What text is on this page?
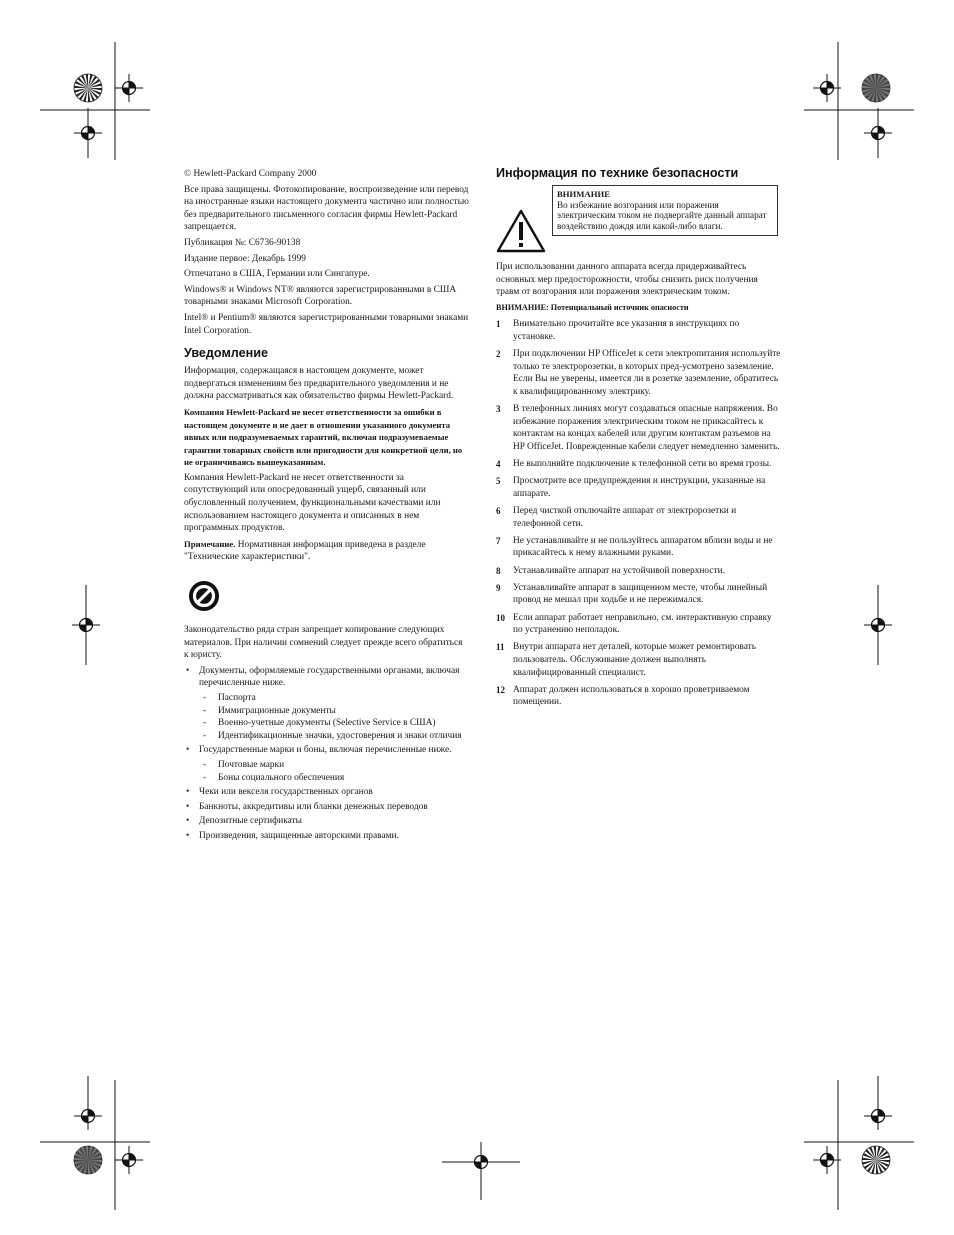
© Hewlett-Packard Company 2000

Все права защищены. Фотокопирование, воспроизведение или перевод на иностранные языки настоящего документа частично или полностью без предварительного письменного согласия фирмы Hewlett-Packard запрещается.

Публикация №: C6736-90138

Издание первое: Декабрь 1999

Отпечатано в США, Германии или Сингапуре.

Windows® и Windows NT® являются зарегистрированными в США товарными знаками Microsoft Corporation.

Intel® и Pentium® являются зарегистрированными товарными знаками Intel Corporation.

Уведомление

Информация, содержащаяся в настоящем документе, может подвергаться изменениям без предварительного уведомления и не должна рассматриваться как обязательство фирмы Hewlett-Packard.

Компания Hewlett-Packard не несет ответственности за ошибки в настоящем документе и не дает в отношении указанного документа явных или подразумеваемых гарантий, включая подразумеваемые гарантии товарных свойств или пригодности для конкретной цели, но не ограничиваясь вышеуказанным.

Компания Hewlett-Packard не несет ответственности за сопутствующий или опосредованный ущерб, связанный или обусловленный получением, функциональными качествами или использованием настоящего документа и описанных в нем программных продуктов.

Примечание. Нормативная информация приведена в разделе "Технические характеристики".

Законодательство ряда стран запрещает копирование следующих материалов. При наличии сомнений следует прежде всего обратиться к юристу.

• Документы, оформляемые государственными органами, включая перечисленные ниже.
- Паспорта
- Иммиграционные документы
- Военно-учетные документы (Selective Service в США)
- Идентификационные значки, удостоверения и знаки отличия
• Государственные марки и боны, включая перечисленные ниже.
- Почтовые марки
- Боны социального обеспечения
• Чеки или векселя государственных органов
• Банкноты, аккредитивы или бланки денежных переводов
• Депозитные сертификаты
• Произведения, защищенные авторскими правами.
Информация по технике безопасности
ВНИМАНИЕ
Во избежание возгорания или поражения электрическим током не подвергайте данный аппарат воздействию дождя или какой-либо влаги.

При использовании данного аппарата всегда придерживайтесь основных мер предосторожности, чтобы снизить риск получения травм от возгорания или поражения электрическим током.

ВНИМАНИЕ: Потенциальный источник опасности

1	Внимательно прочитайте все указания в инструкциях по установке.
2	При подключении HP OfficeJet к сети электропитания используйте только те электророзетки, в которых пред-усмотрено заземление. Если Вы не уверены, имеется ли в розетке заземление, обратитесь к квалифицированному электрику.
3	В телефонных линиях могут создаваться опасные напряжения. Во избежание поражения электрическим током не прикасайтесь к контактам на концах кабелей или другим контактам разъемов на HP OfficeJet. Поврежденные кабели следует немедленно заменить.
4	Не выполняйте подключение к телефонной сети во время грозы.
5	Просмотрите все предупреждения и инструкции, указанные на аппарате.
6	Перед чисткой отключайте аппарат от электророзетки и телефонной сети.
7	Не устанавливайте и не пользуйтесь аппаратом вблизи воды и не прикасайтесь к нему влажными руками.
8	Устанавливайте аппарат на устойчивой поверхности.
9	Устанавливайте аппарат в защищенном месте, чтобы линейный провод не мешал при ходьбе и не пережимался.
10 Если аппарат работает неправильно, см. интерактивную справку по устранению неполадок.
11 Внутри аппарата нет деталей, которые может ремонтировать пользователь. Обслуживание должен выполнять квалифицированный специалист.
12 Аппарат должен использоваться в хорошо проветриваемом помещении.
